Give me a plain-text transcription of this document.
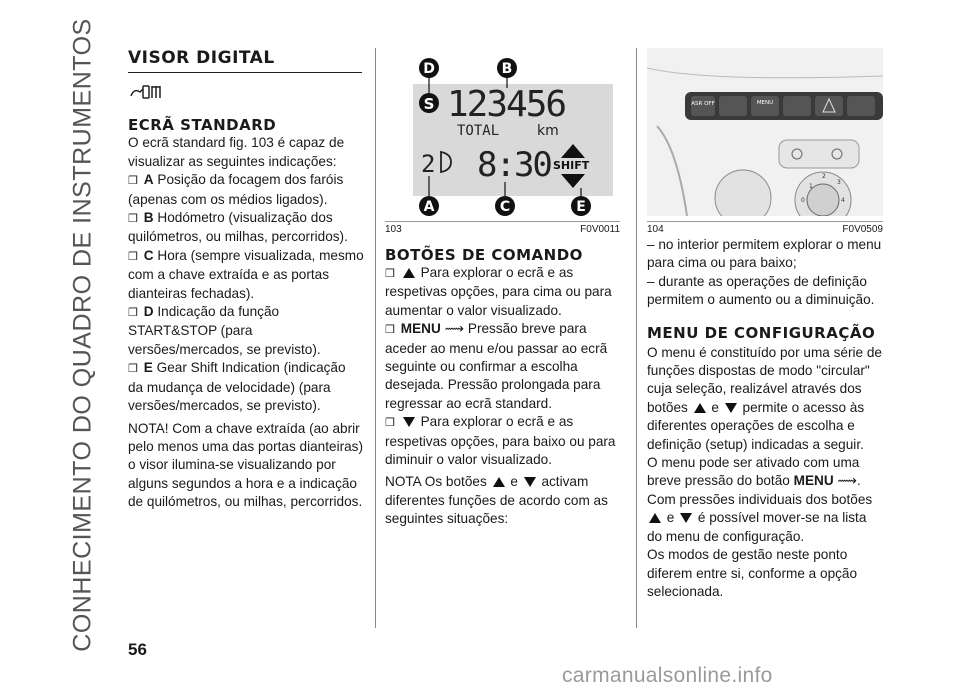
CONHECIMENTO DO QUADRO DE INSTRUMENTOS VISOR DIGITAL
ECRÃ STANDARD

O ecrã standard fig. 103 é capaz de visualizar as seguintes indicações:

❒ A Posição da focagem dos faróis (apenas com os médios ligados).

❒ B Hodómetro (visualização dos quilómetros, ou milhas, percorridos).

❒ C Hora (sempre visualizada, mesmo com a chave extraída e as portas dianteiras fechadas).

❒ D Indicação da função START&STOP (para versões/mercados, se previsto).

❒ E Gear Shift Indication (indicação da mudança de velocidade) (para versões/mercados, se previsto).

NOTA! Com a chave extraída (ao abrir pelo menos uma das portas dianteiras) o visor ilumina-se visualizando por alguns segundos a hora e a indicação de quilómetros, ou milhas, percorridos.

123456
TOTAL	km
2 8:30 SHIFT
D	B
S
A	C	E
103	F0V0011
BOTÕES DE COMANDO

❒ Para explorar o ecrã e as respetivas opções, para cima ou para aumentar o valor visualizado.

❒ MENU ⟿ Pressão breve para aceder ao menu e/ou passar ao ecrã seguinte ou confirmar a escolha desejada. Pressão prolongada para regressar ao ecrã standard.

❒ Para explorar o ecrã e as respetivas opções, para baixo ou para diminuir o valor visualizado.

NOTA Os botões e activam diferentes funções de acordo com as seguintes situações:

ASR OFF	MENU
1
2
3
4
0
104	F0V0509

– no interior permitem explorar o menu para cima ou para baixo;

– durante as operações de definição permitem o aumento ou a diminuição.

MENU DE CONFIGURAÇÃO

O menu é constituído por uma série de funções dispostas de modo "circular" cuja seleção, realizável através dos botões e permite o acesso às diferentes operações de escolha e definição (setup) indicadas a seguir.

O menu pode ser ativado com uma breve pressão do botão MENU ⟿.

Com pressões individuais dos botões  e é possível mover-se na lista do menu de configuração.

Os modos de gestão neste ponto diferem entre si, conforme a opção selecionada.

56
carmanualsonline.info
